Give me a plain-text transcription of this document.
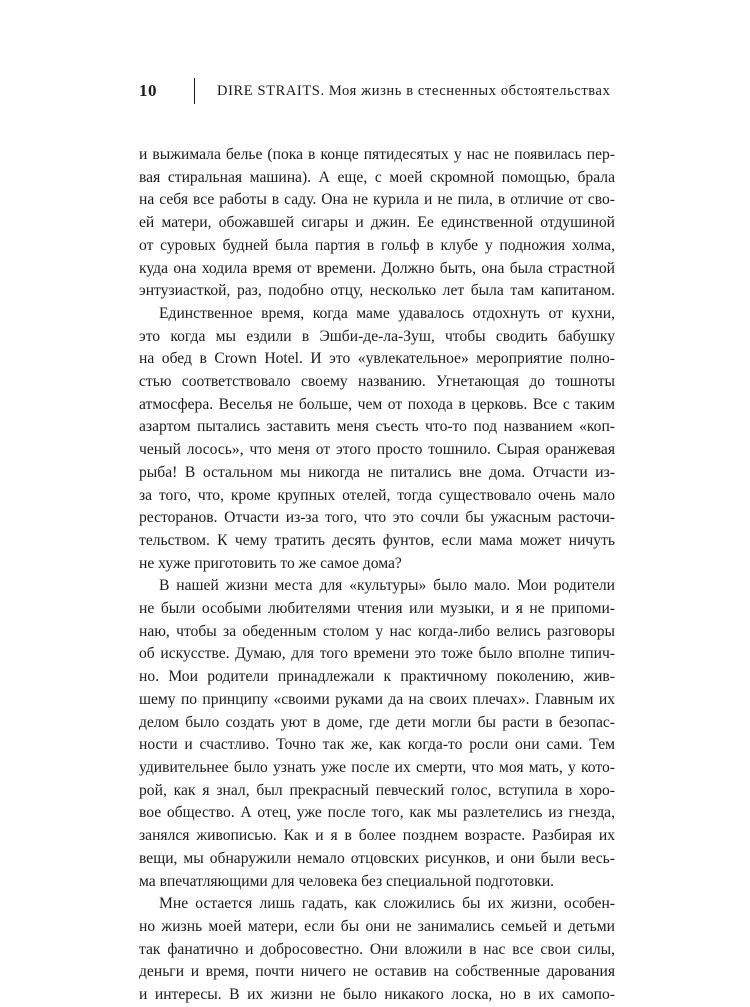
10	DIRE STRAITS. Моя жизнь в стесненных обстоятельствах

и выжимала белье (пока в конце пятидесятых у нас не появилась пер-

вая стиральная машина). А еще, с моей скромной помощью, брала

на себя все работы в саду. Она не курила и не пила, в отличие от сво-

ей матери, обожавшей сигары и джин. Ее единственной отдушиной

от суровых будней была партия в гольф в клубе у подножия холма,

куда она ходила время от времени. Должно быть, она была страстной

энтузиасткой, раз, подобно отцу, несколько лет была там капитаном.

Единственное время, когда маме удавалось отдохнуть от кухни,

это когда мы ездили в Эшби-де-ла-Зуш, чтобы сводить бабушку

на обед в Crown Hotel. И это «увлекательное» мероприятие полно-

стью соответствовало своему названию. Угнетающая до тошноты

атмосфера. Веселья не больше, чем от похода в церковь. Все с таким

азартом пытались заставить меня съесть что-то под названием «коп-

ченый лосось», что меня от этого просто тошнило. Сырая оранжевая

рыба! В остальном мы никогда не питались вне дома. Отчасти из-

за того, что, кроме крупных отелей, тогда существовало очень мало

ресторанов. Отчасти из-за того, что это сочли бы ужасным расточи-

тельством. К чему тратить десять фунтов, если мама может ничуть

не хуже приготовить то же самое дома?

В нашей жизни места для «культуры» было мало. Мои родители

не были особыми любителями чтения или музыки, и я не припоми-

наю, чтобы за обеденным столом у нас когда-либо велись разговоры

об искусстве. Думаю, для того времени это тоже было вполне типич-

но. Мои родители принадлежали к практичному поколению, жив-

шему по принципу «своими руками да на своих плечах». Главным их

делом было создать уют в доме, где дети могли бы расти в безопас-

ности и счастливо. Точно так же, как когда-то росли они сами. Тем

удивительнее было узнать уже после их смерти, что моя мать, у кото-

рой, как я знал, был прекрасный певческий голос, вступила в хоро-

вое общество. А отец, уже после того, как мы разлетелись из гнезда,

занялся живописью. Как и я в более позднем возрасте. Разбирая их

вещи, мы обнаружили немало отцовских рисунков, и они были весь-

ма впечатляющими для человека без специальной подготовки.

Мне остается лишь гадать, как сложились бы их жизни, особен-

но жизнь моей матери, если бы они не занимались семьей и детьми

так фанатично и добросовестно. Они вложили в нас все свои силы,

деньги и время, почти ничего не оставив на собственные дарования

и интересы. В их жизни не было никакого лоска, но в их самопо-
